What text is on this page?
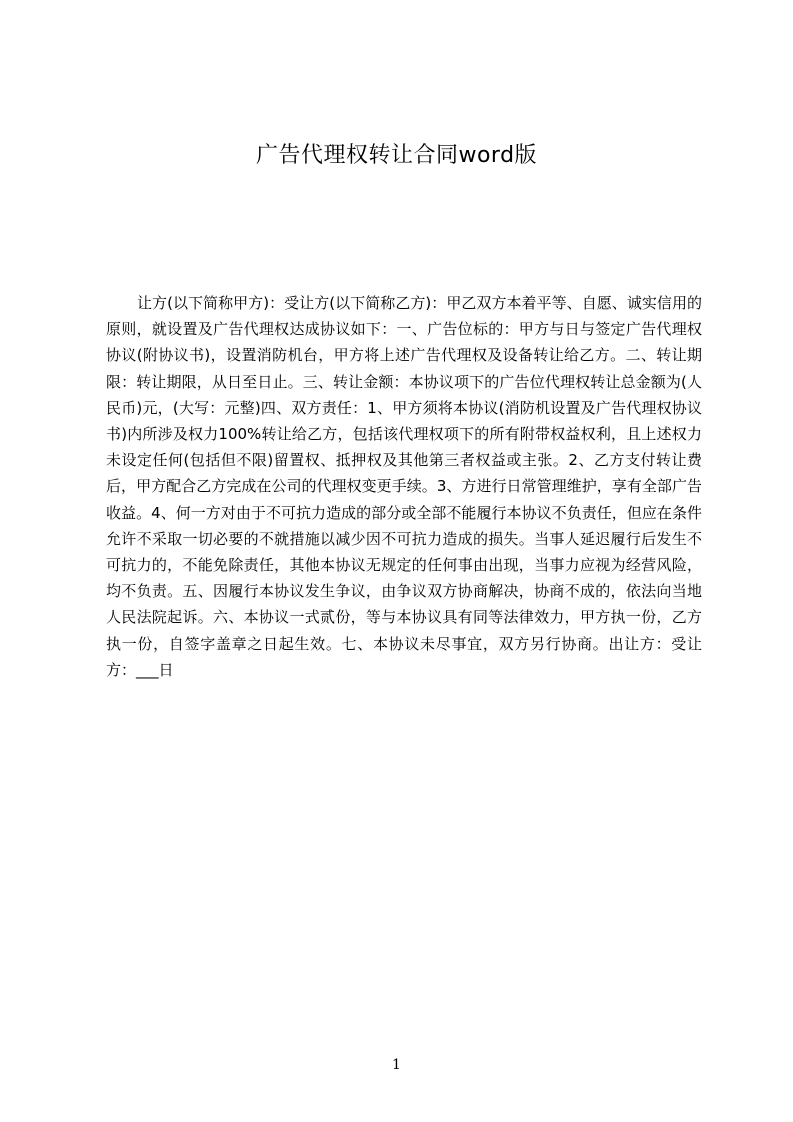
广告代理权转让合同word版

让方(以下简称甲方)：受让方(以下简称乙方)：甲乙双方本着平等、自愿、诚实信用的原则，就设置及广告代理权达成协议如下：一、广告位标的：甲方与日与签定广告代理权协议(附协议书)，设置消防机台，甲方将上述广告代理权及设备转让给乙方。二、转让期限：转让期限，从日至日止。三、转让金额：本协议项下的广告位代理权转让总金额为(人民币)元，(大写：元整)四、双方责任：1、甲方须将本协议(消防机设置及广告代理权协议书)内所涉及权力100%转让给乙方，包括该代理权项下的所有附带权益权利，且上述权力未设定任何(包括但不限)留置权、抵押权及其他第三者权益或主张。2、乙方支付转让费后，甲方配合乙方完成在公司的代理权变更手续。3、方进行日常管理维护，享有全部广告收益。4、何一方对由于不可抗力造成的部分或全部不能履行本协议不负责任，但应在条件允许不采取一切必要的不就措施以减少因不可抗力造成的损失。当事人延迟履行后发生不可抗力的，不能免除责任，其他本协议无规定的任何事由出现，当事力应视为经营风险，均不负责。五、因履行本协议发生争议，由争议双方协商解决，协商不成的，依法向当地人民法院起诉。六、本协议一式贰份，等与本协议具有同等法律效力，甲方执一份，乙方执一份，自签字盖章之日起生效。七、本协议未尽事宜，双方另行协商。出让方：受让方：___日

1
